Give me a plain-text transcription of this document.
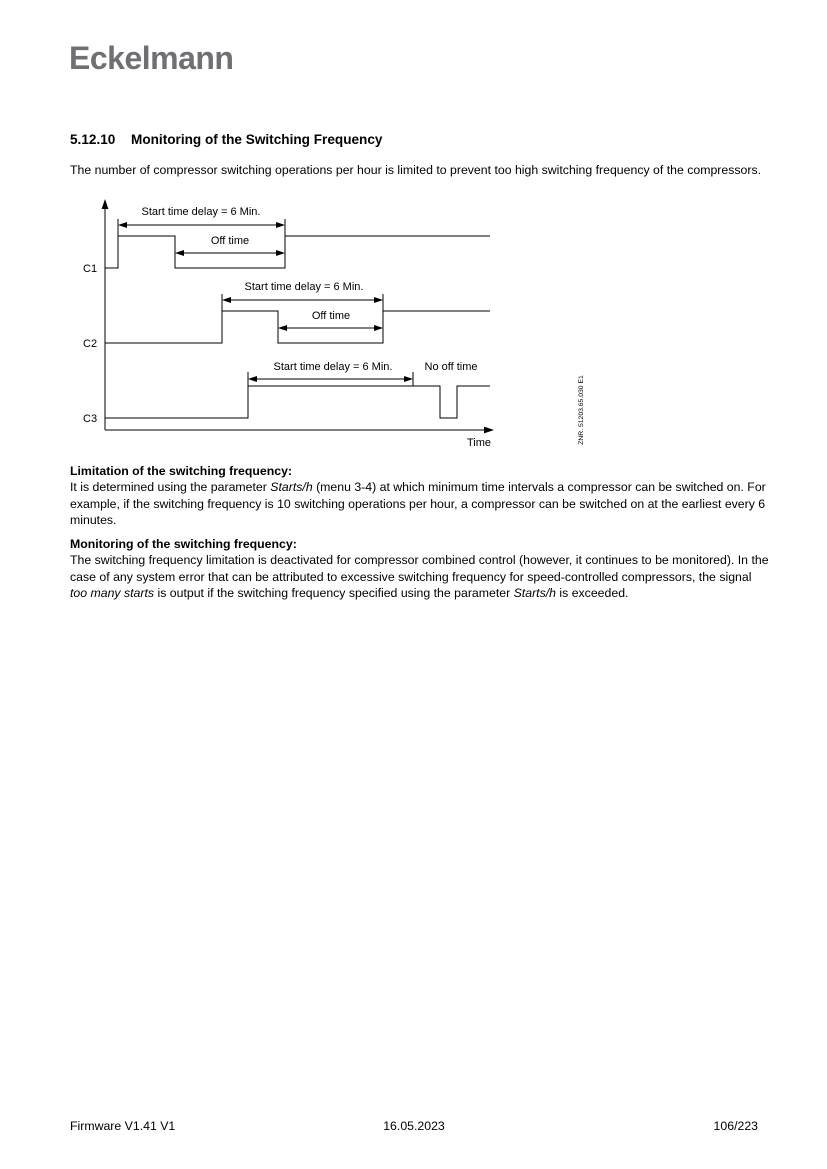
Eckelmann
5.12.10 Monitoring of the Switching Frequency

The number of compressor switching operations per hour is limited to prevent too high switching frequency of the compressors.

Time
C1
Start time delay = 6 Min.
Off time
C2
Start time delay = 6 Min.
Off time
C3
Start time delay = 6 Min.	No off time
ZNR. 51203.65.030 E1
Limitation of the switching frequency:

It is determined using the parameter Starts/h (menu 3-4) at which minimum time intervals a compressor can be switched on. For example, if the switching frequency is 10 switching operations per hour, a compressor can be switched on at the earliest every 6 minutes.

Monitoring of the switching frequency:

The switching frequency limitation is deactivated for compressor combined control (however, it continues to be monitored). In the case of any system error that can be attributed to excessive switching frequency for speed-controlled compressors, the signal too many starts is output if the switching frequency specified using the parameter Starts/h is exceeded.

Firmware V1.41 V1	16.05.2023	106/223
